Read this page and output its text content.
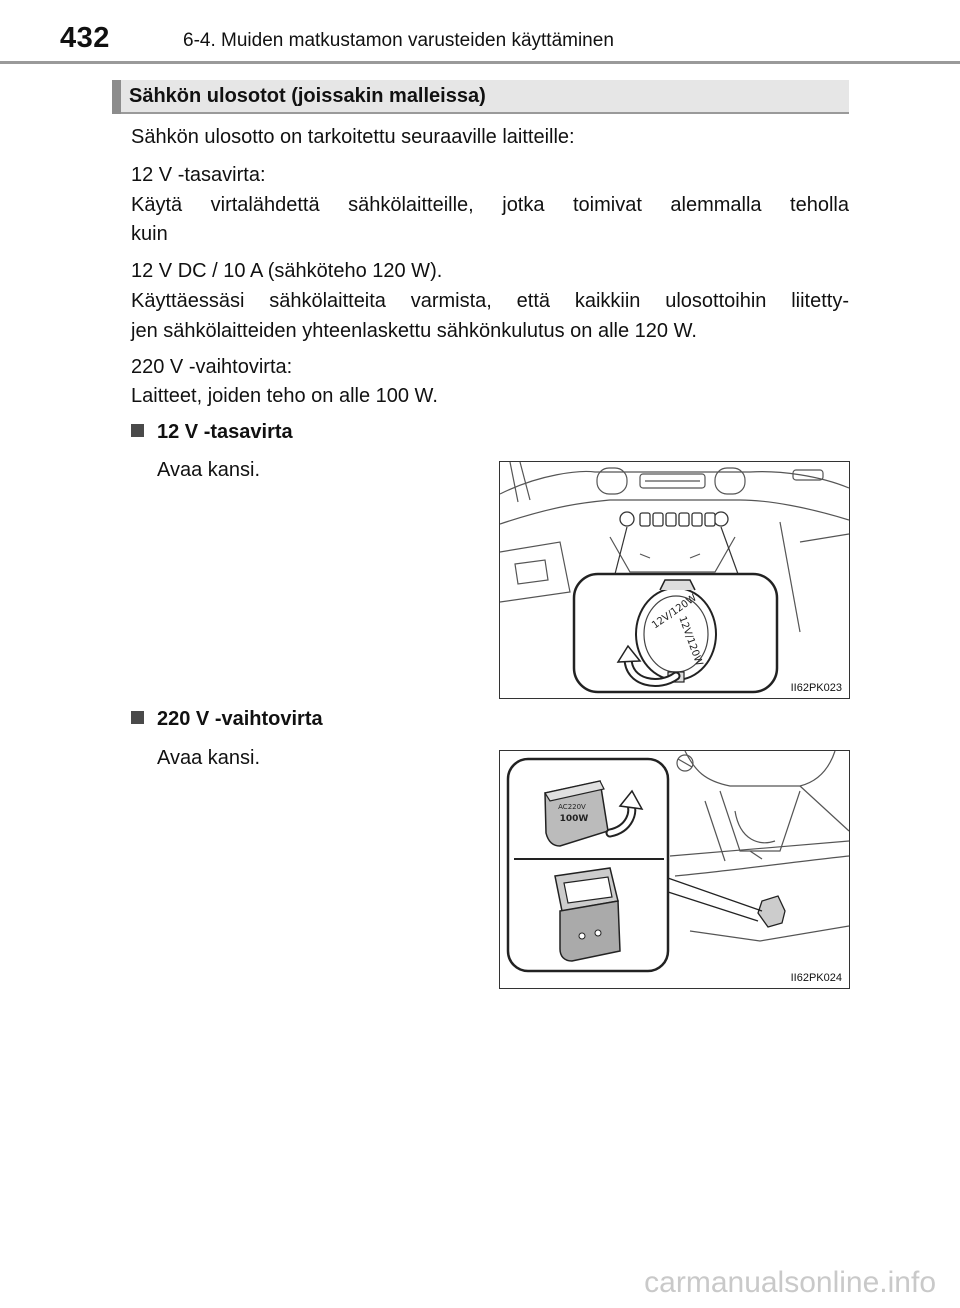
432	6-4. Muiden matkustamon varusteiden käyttäminen
Sähkön ulosotot (joissakin malleissa)

Sähkön ulosotto on tarkoitettu seuraaville laitteille:

12 V -tasavirta:

Käytä virtalähdettä sähkölaitteille, jotka toimivat alemmalla teholla

kuin

12 V DC / 10 A (sähköteho 120 W).

Käyttäessäsi sähkölaitteita varmista, että kaikkiin ulosottoihin liitetty-

jen sähkölaitteiden yhteenlaskettu sähkönkulutus on alle 120 W.

220 V -vaihtovirta:

Laitteet, joiden teho on alle 100 W.

12 V -tasavirta
Avaa kansi.
12V/120W
12V/120W
II62PK023
220 V -vaihtovirta
Avaa kansi.
AC220V
100W
II62PK024
carmanualsonline.info
